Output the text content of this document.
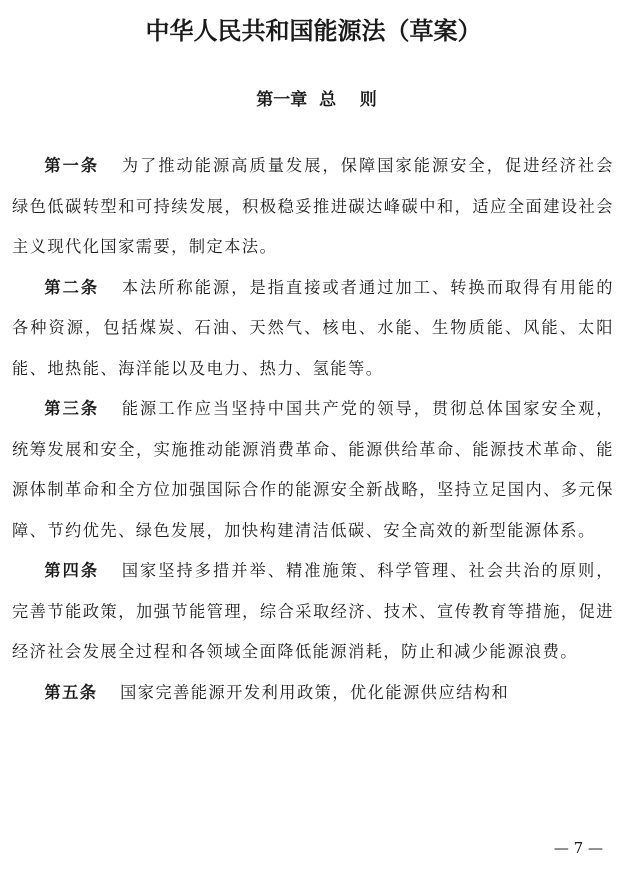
中华人民共和国能源法（草案）
第一章  总    则

第一条 为了推动能源高质量发展，保障国家能源安全，促进经济社会绿色低碳转型和可持续发展，积极稳妥推进碳达峰碳中和，适应全面建设社会主义现代化国家需要，制定本法。

第二条 本法所称能源，是指直接或者通过加工、转换而取得有用能的各种资源，包括煤炭、石油、天然气、核电、水能、生物质能、风能、太阳能、地热能、海洋能以及电力、热力、氢能等。

第三条 能源工作应当坚持中国共产党的领导，贯彻总体国家安全观，统筹发展和安全，实施推动能源消费革命、能源供给革命、能源技术革命、能源体制革命和全方位加强国际合作的能源安全新战略，坚持立足国内、多元保障、节约优先、绿色发展，加快构建清洁低碳、安全高效的新型能源体系。

第四条 国家坚持多措并举、精准施策、科学管理、社会共治的原则，完善节能政策，加强节能管理，综合采取经济、技术、宣传教育等措施，促进经济社会发展全过程和各领域全面降低能源消耗，防止和减少能源浪费。

第五条 国家完善能源开发利用政策，优化能源供应结构和

— 7 —
